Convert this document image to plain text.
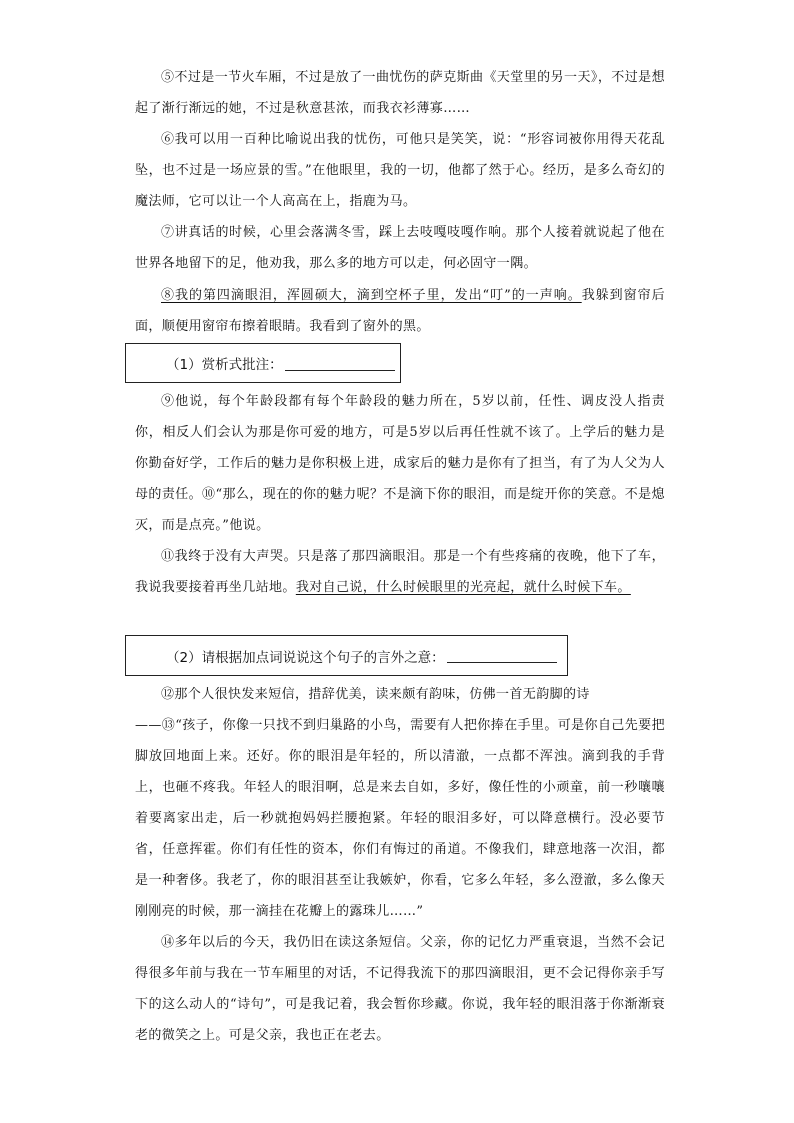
⑤不过是一节火车厢，不过是放了一曲忧伤的萨克斯曲《天堂里的另一天》，不过是想起了渐行渐远的她，不过是秋意甚浓，而我衣衫薄寡……

⑥我可以用一百种比喻说出我的忧伤，可他只是笑笑，说：“形容词被你用得天花乱坠，也不过是一场应景的雪。”在他眼里，我的一切，他都了然于心。经历，是多么奇幻的魔法师，它可以让一个人高高在上，指鹿为马。

⑦讲真话的时候，心里会落满冬雪，踩上去吱嘎吱嘎作响。那个人接着就说起了他在世界各地留下的足，他劝我，那么多的地方可以走，何必固守一隅。

⑧我的第四滴眼泪，浑圆硕大，滴到空杯子里，发出“叮”的一声响。我躲到窗帘后面，顺便用窗帘布擦着眼睛。我看到了窗外的黑。

（1）赏析式批注：

⑨他说，每个年龄段都有每个年龄段的魅力所在，5岁以前，任性、调皮没人指责你，相反人们会认为那是你可爱的地方，可是5岁以后再任性就不该了。上学后的魅力是你勤奋好学，工作后的魅力是你积极上进，成家后的魅力是你有了担当，有了为人父为人母的责任。⑩“那么，现在的你的魅力呢？不是滴下你的眼泪，而是绽开你的笑意。不是熄灭，而是点亮。”他说。

⑪我终于没有大声哭。只是落了那四滴眼泪。那是一个有些疼痛的夜晚，他下了车，我说我要接着再坐几站地。我对自己说，什么时候眼里的光亮起，就什么时候下车。

（2）请根据加点词说说这个句子的言外之意：

⑫那个人很快发来短信，措辞优美，读来颇有韵味，仿佛一首无韵脚的诗

——⑬“孩子，你像一只找不到归巢路的小鸟，需要有人把你捧在手里。可是你自己先要把脚放回地面上来。还好。你的眼泪是年轻的，所以清澈，一点都不浑浊。滴到我的手背上，也砸不疼我。年轻人的眼泪啊，总是来去自如，多好，像任性的小顽童，前一秒嚷嚷着要离家出走，后一秒就抱妈妈拦腰抱紧。年轻的眼泪多好，可以降意横行。没必要节省，任意挥霍。你们有任性的资本，你们有悔过的甬道。不像我们，肆意地落一次泪，都是一种奢侈。我老了，你的眼泪甚至让我嫉妒，你看，它多么年轻，多么澄澈，多么像天刚刚亮的时候，那一滴挂在花瓣上的露珠儿……”

⑭多年以后的今天，我仍旧在读这条短信。父亲，你的记忆力严重衰退，当然不会记得很多年前与我在一节车厢里的对话，不记得我流下的那四滴眼泪，更不会记得你亲手写下的这么动人的“诗句”，可是我记着，我会暂你珍藏。你说，我年轻的眼泪落于你渐渐衰老的微笑之上。可是父亲，我也正在老去。
